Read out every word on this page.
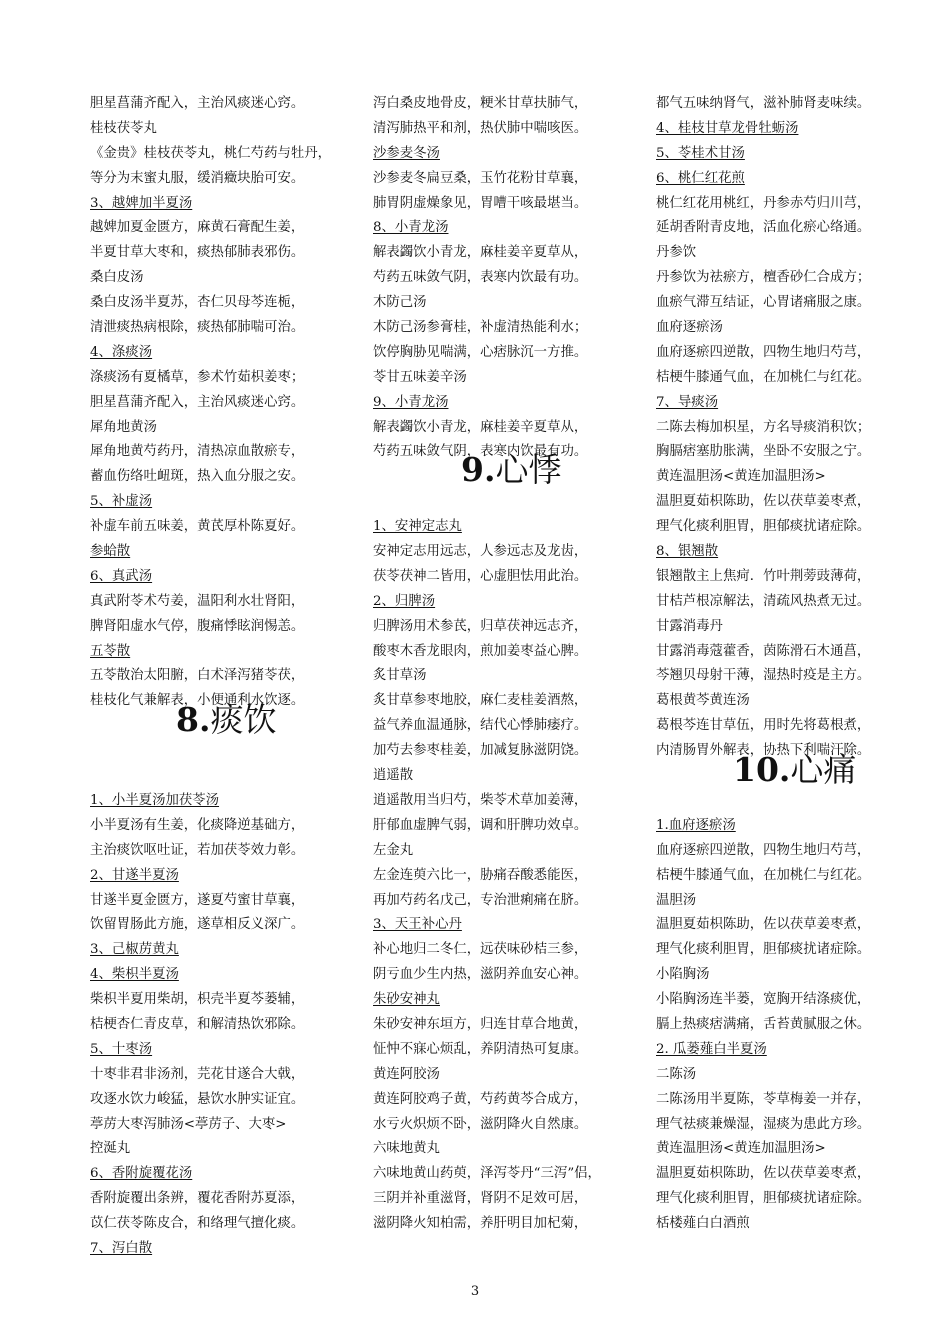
胆星菖蒲齐配入，主治风痰迷心窍。
桂枝茯苓丸
《金贵》桂枝茯苓丸，桃仁芍药与牡丹，
等分为末蜜丸服，缓消癥块胎可安。
3、越婢加半夏汤
越婢加夏金匮方，麻黄石膏配生姜，
半夏甘草大枣和，痰热郁肺表邪伤。
桑白皮汤
桑白皮汤半夏苏，杏仁贝母芩连栀，
清泄痰热病根除，痰热郁肺喘可治。
4、涤痰汤
涤痰汤有夏橘草，参术竹茹枳姜枣；
胆星菖蒲齐配入，主治风痰迷心窍。
犀角地黄汤
犀角地黄芍药丹，清热凉血散瘀专，
蓄血伤络吐衄斑，热入血分服之安。
5、补虚汤
补虚车前五味姜，黄芪厚朴陈夏好。
参蛤散
6、真武汤
真武附苓术芍姜，温阳利水壮肾阳，
脾肾阳虚水气停，腹痛悸眩润惕恙。
五苓散
五苓散治太阳腑，白术泽泻猪苓茯，
桂枝化气兼解表，小便通利水饮逐。
1、小半夏汤加茯苓汤
小半夏汤有生姜，化痰降逆基础方，
主治痰饮呕吐证，若加茯苓效力彰。
2、甘遂半夏汤
甘遂半夏金匮方，遂夏芍蜜甘草襄，
饮留胃肠此方施，遂草相反义深广。
3、己椒苈黄丸
4、柴枳半夏汤
柴枳半夏用柴胡，枳壳半夏芩蒌辅，
桔梗杏仁青皮草，和解清热饮邪除。
5、十枣汤
十枣非君非汤剂，芫花甘遂合大戟，
攻逐水饮力峻猛，悬饮水肿实证宜。
葶苈大枣泻肺汤<葶苈子、大枣>
控涎丸
6、香附旋覆花汤
香附旋覆出条辨，覆花香附苏夏添，
苡仁茯苓陈皮合，和络理气擅化痰。
7、泻白散
泻白桑皮地骨皮，粳米甘草扶肺气，
清泻肺热平和剂，热伏肺中喘咳医。
沙参麦冬汤
沙参麦冬扁豆桑，玉竹花粉甘草襄，
肺胃阴虚燥象见，胃嘈干咳最堪当。
8、小青龙汤
解表蠲饮小青龙，麻桂姜辛夏草从，
芍药五味敛气阴，表寒内饮最有功。
木防己汤
木防己汤参膏桂，补虚清热能利水；
饮停胸胁见喘满，心痞脉沉一方推。
苓甘五味姜辛汤
9、小青龙汤
解表蠲饮小青龙，麻桂姜辛夏草从，
芍药五味敛气阴，表寒内饮最有功。
1、安神定志丸
安神定志用远志，人参远志及龙齿，
茯苓茯神二皆用，心虚胆怯用此治。
2、归脾汤
归脾汤用术参芪，归草茯神远志齐，
酸枣木香龙眼肉，煎加姜枣益心脾。
炙甘草汤
炙甘草参枣地胶，麻仁麦桂姜酒熬，
益气养血温通脉，结代心悸肺痿疗。
加芍去参枣桂姜，加减复脉滋阴饶。
逍遥散
逍遥散用当归芍，柴苓术草加姜薄，
肝郁血虚脾气弱，调和肝脾功效卓。
左金丸
左金连萸六比一，胁痛吞酸悉能医，
再加芍药名戊己，专治泄痢痛在脐。
3、天王补心丹
补心地归二冬仁，远茯味砂桔三参，
阴亏血少生内热，滋阴养血安心神。
朱砂安神丸
朱砂安神东垣方，归连甘草合地黄，
怔忡不寐心烦乱，养阴清热可复康。
黄连阿胶汤
黄连阿胶鸡子黄，芍药黄芩合成方，
水亏火炽烦不卧，滋阴降火自然康。
六味地黄丸
六味地黄山药萸，泽泻苓丹“三泻”侣，
三阴并补重滋肾，肾阴不足效可居，
滋阴降火知柏需，养肝明目加杞菊，
都气五味纳肾气，滋补肺肾麦味续。
4、桂枝甘草龙骨牡蛎汤
5、苓桂术甘汤
6、桃仁红花煎
桃仁红花用桃红，丹参赤芍归川芎，
延胡香附青皮地，活血化瘀心络通。
丹参饮
丹参饮为祛瘀方，檀香砂仁合成方；
血瘀气滞互结证，心胃诸痛服之康。
血府逐瘀汤
血府逐瘀四逆散，四物生地归芍芎，
桔梗牛膝通气血，在加桃仁与红花。
7、导痰汤
二陈去梅加枳星，方名导痰消积饮；
胸膈痞塞肋胀满，坐卧不安服之宁。
黄连温胆汤<黄连加温胆汤>
温胆夏茹枳陈助，佐以茯草姜枣煮，
理气化痰利胆胃，胆郁痰扰诸症除。
8、银翘散
银翘散主上焦疴．竹叶荆蒡豉薄荷，
甘桔芦根凉解法，清疏风热煮无过。
甘露消毒丹
甘露消毒蔻藿香，茵陈滑石木通菖，
芩翘贝母射干薄，湿热时疫是主方。
葛根黄芩黄连汤
葛根芩连甘草伍，用时先将葛根煮，
内清肠胃外解表，协热下利喘汗除。
1.血府逐瘀汤
血府逐瘀四逆散，四物生地归芍芎，
桔梗牛膝通气血，在加桃仁与红花。
温胆汤
温胆夏茹枳陈助，佐以茯草姜枣煮，
理气化痰利胆胃，胆郁痰扰诸症除。
小陷胸汤
小陷胸汤连半蒌，宽胸开结涤痰优，
膈上热痰痞满痛，舌苔黄腻服之休。
2. 瓜蒌薤白半夏汤
二陈汤
二陈汤用半夏陈，苓草梅姜一并存，
理气祛痰兼燥湿，湿痰为患此方珍。
黄连温胆汤<黄连加温胆汤>
温胆夏茹枳陈助，佐以茯草姜枣煮，
理气化痰利胆胃，胆郁痰扰诸症除。
栝楼薤白白酒煎
8.痰饮
9.心悸
10.心痛
3
